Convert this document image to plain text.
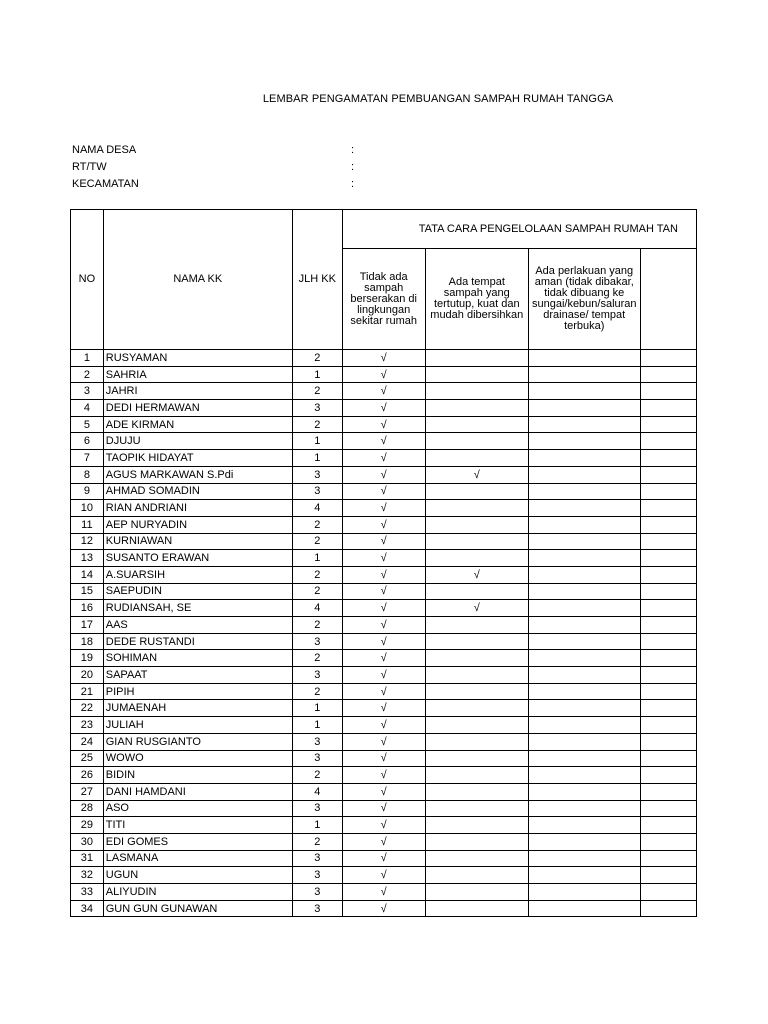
LEMBAR PENGAMATAN PEMBUANGAN SAMPAH RUMAH TANGGA
NAMA DESA	:
RT/TW	:
KECAMATAN	:
NO	NAMA KK	JLH KK	TATA CARA PENGELOLAAN SAMPAH RUMAH TAN			
			Tidak ada sampah berserakan di lingkungan sekitar rumah	Ada tempat sampah yang tertutup, kuat dan mudah dibersihkan	Ada perlakuan yang aman (tidak dibakar, tidak dibuang ke sungai/kebun/saluran drainase/ tempat terbuka)	
1	RUSYAMAN	2	√			
2	SAHRIA	1	√			
3	JAHRI	2	√			
4	DEDI HERMAWAN	3	√			
5	ADE KIRMAN	2	√			
6	DJUJU	1	√			
7	TAOPIK HIDAYAT	1	√			
8	AGUS MARKAWAN S.Pdi	3	√	√		
9	AHMAD SOMADIN	3	√			
10	RIAN ANDRIANI	4	√			
11	AEP NURYADIN	2	√			
12	KURNIAWAN	2	√			
13	SUSANTO ERAWAN	1	√			
14	A.SUARSIH	2	√	√		
15	SAEPUDIN	2	√			
16	RUDIANSAH, SE	4	√	√		
17	AAS	2	√			
18	DEDE RUSTANDI	3	√			
19	SOHIMAN	2	√			
20	SAPAAT	3	√			
21	PIPIH	2	√			
22	JUMAENAH	1	√			
23	JULIAH	1	√			
24	GIAN RUSGIANTO	3	√			
25	WOWO	3	√			
26	BIDIN	2	√			
27	DANI HAMDANI	4	√			
28	ASO	3	√			
29	TITI	1	√			
30	EDI GOMES	2	√			
31	LASMANA	3	√			
32	UGUN	3	√			
33	ALIYUDIN	3	√			
34	GUN GUN GUNAWAN	3	√			
